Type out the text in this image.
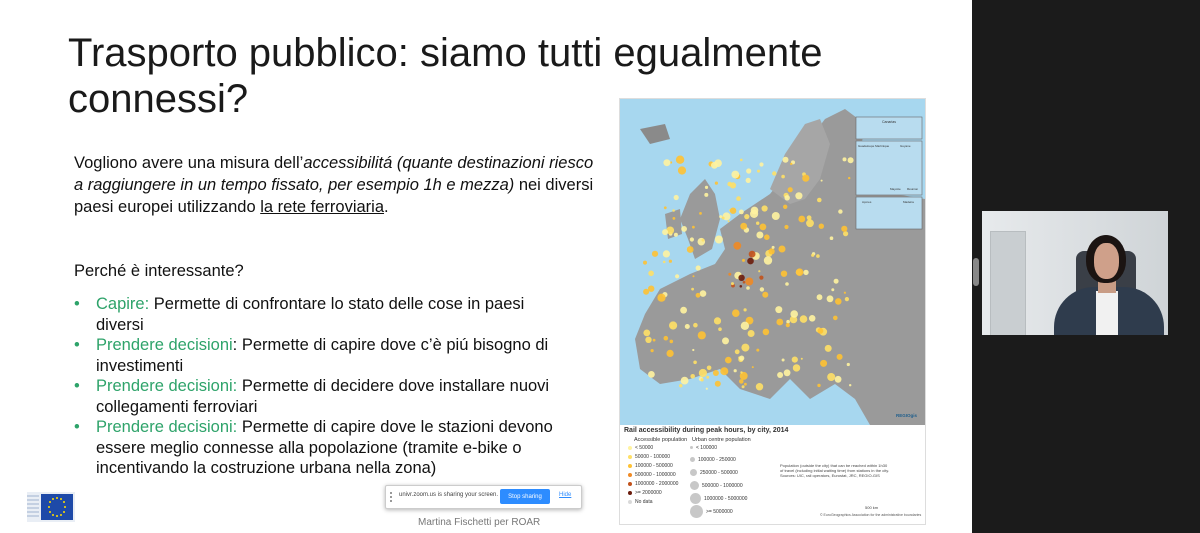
Trasporto pubblico: siamo tutti egualmente connessi?
Vogliono avere una misura dell’accessibilitá (quante destinazioni riesco a raggiungere in un tempo fissato, per esempio 1h e mezza) nei diversi paesi europei utilizzando la rete ferroviaria.
Perché è interessante?
• Capire: Permette di confrontare lo stato delle cose in paesi diversi
• Prendere decisioni: Permette di capire dove c’è piú bisogno di investimenti
• Prendere decisioni: Permette di decidere dove installare nuovi collegamenti ferroviari
• Prendere decisioni: Permette di capire dove le stazioni devono essere meglio connesse alla popolazione (tramite e-bike o incentivando la costruzione urbana nella zona)
Canarias
Guadeloupe Martinique	Guyane
Mayotte Réunion
Açores	Madeira
REGIOgis
Rail accessibility during peak hours, by city, 2014
Accessible population Urban centre population
< 50000
50000 - 100000
100000 - 500000
500000 - 1000000
1000000 - 2000000
>= 2000000
No data
< 100000
100000 - 250000
250000 - 500000
500000 - 1000000
1000000 - 5000000
>= 5000000
Population (outside the city) that can be reached within 1h30 of travel (including initial waiting time) from stations in the city. Sources: UIC, rail operators, Eurostat, JRC, REGIO-GIS
500 km
© EuroGeographics Association for the administrative boundaries
Martina Fischetti per ROAR
univr.zoom.us is sharing your screen.	Stop sharing	Hide
